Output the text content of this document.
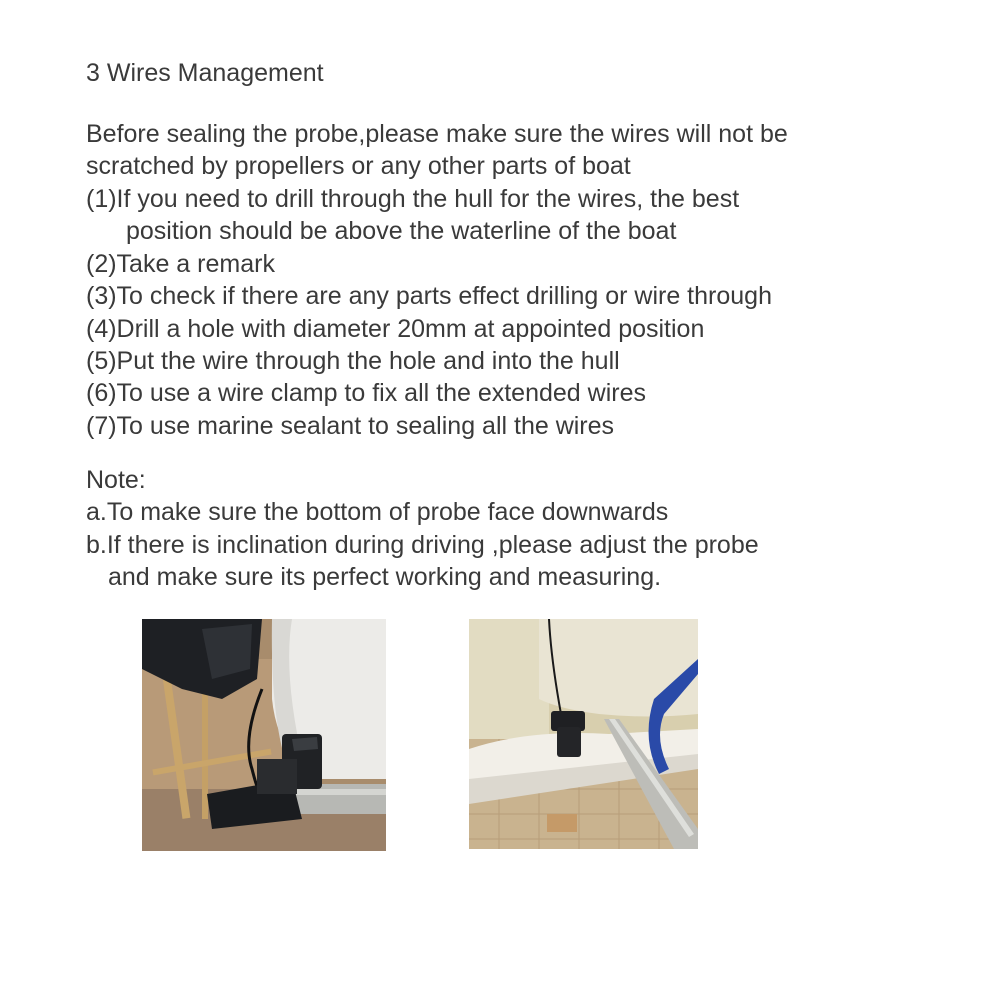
3 Wires Management
Before sealing the probe,please make sure the wires will not be
scratched by propellers or any other parts of boat
(1)If you need to drill through the hull for the wires, the best
position should be above the waterline of the boat
(2)Take a remark
(3)To check if there are any parts effect drilling or wire through
(4)Drill a hole with diameter 20mm at appointed position
(5)Put the wire through the hole and into the hull
(6)To use a wire clamp to fix all the extended wires
(7)To use marine sealant to sealing all the wires
Note:
a.To make sure the bottom of probe face downwards
b.If there is inclination during driving ,please adjust the probe
and make sure its perfect working and measuring.
